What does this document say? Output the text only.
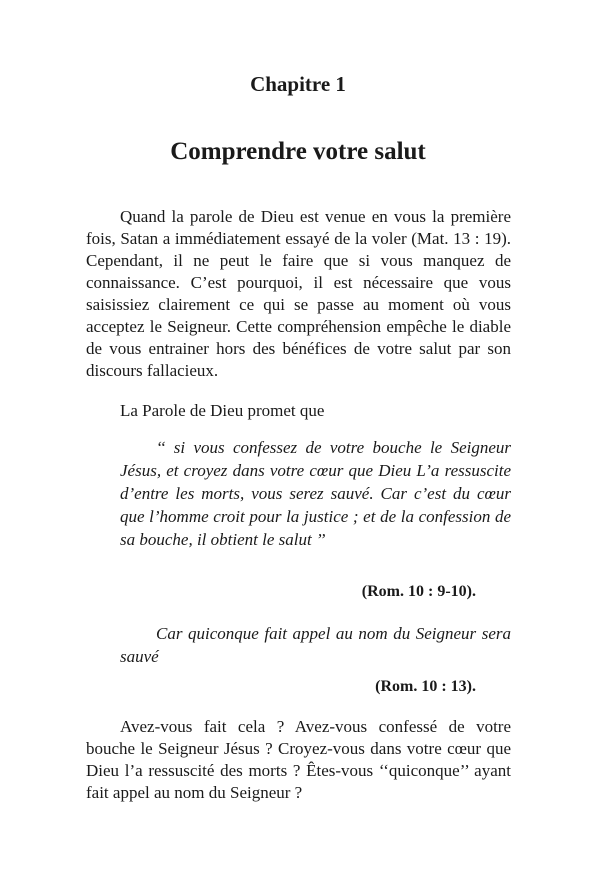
Chapitre 1
Comprendre votre salut

Quand la parole de Dieu est venue en vous la première fois, Satan a immédiatement essayé de la voler (Mat. 13 : 19). Cependant, il ne peut le faire que si vous manquez de connaissance. C’est pourquoi, il est nécessaire que vous saisissiez clairement ce qui se passe au moment où vous acceptez le Seigneur. Cette compréhension empêche le diable de vous entrainer hors des bénéfices de votre salut par son discours fallacieux.

La Parole de Dieu promet que

‘‘ si vous confessez de votre bouche le Seigneur Jésus, et croyez dans votre cœur que Dieu L’a ressuscite d’entre les morts, vous serez sauvé. Car c’est du cœur que l’homme croit pour la justice ; et de la confession de sa bouche, il obtient le salut ’’

(Rom. 10 : 9-10).

Car quiconque fait appel au nom du Seigneur sera sauvé

(Rom. 10 : 13).

Avez-vous fait cela ? Avez-vous confessé de votre bouche le Seigneur Jésus ? Croyez-vous dans votre cœur que Dieu l’a ressuscité des morts ? Êtes-vous ‘‘quiconque’’ ayant fait appel au nom du Seigneur ?
